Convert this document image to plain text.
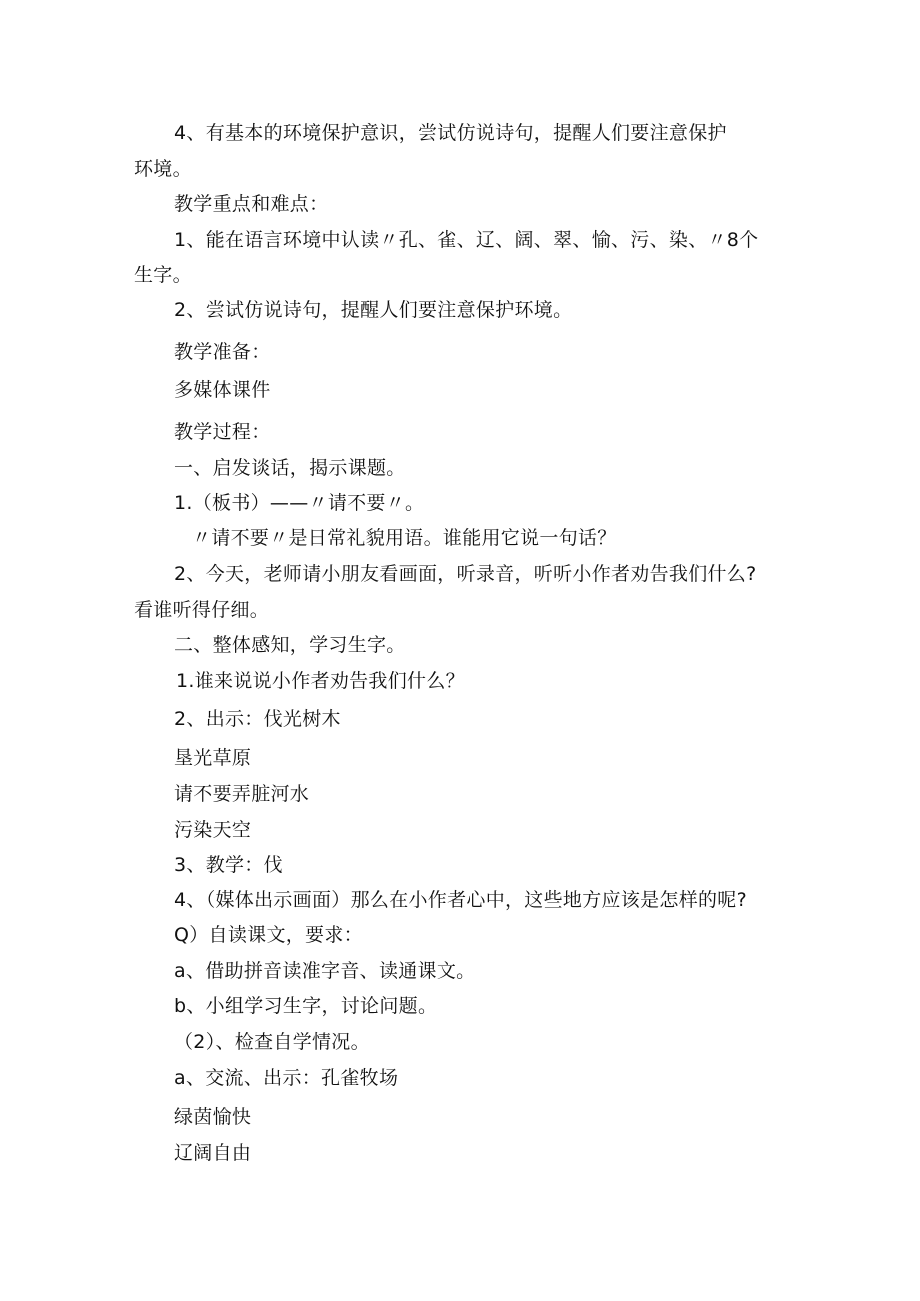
4、有基本的环境保护意识，尝试仿说诗句，提醒人们要注意保护

环境。

教学重点和难点：

1、能在语言环境中认读〃孔、雀、辽、阔、翠、愉、污、染、〃8个

生字。

2、尝试仿说诗句，提醒人们要注意保护环境。

教学准备：

多媒体课件

教学过程：

一、启发谈话，揭示课题。

1.（板书）——〃请不要〃。

〃请不要〃是日常礼貌用语。谁能用它说一句话？

2、今天，老师请小朋友看画面，听录音，听听小作者劝告我们什么?

看谁听得仔细。

二、整体感知，学习生字。

1.谁来说说小作者劝告我们什么？

2、出示：伐光树木

垦光草原

请不要弄脏河水

污染天空

3、教学：伐

4、（媒体出示画面）那么在小作者心中，这些地方应该是怎样的呢?

Q）自读课文，要求：

a、借助拼音读准字音、读通课文。

b、小组学习生字，讨论问题。

（2）、检查自学情况。

a、交流、出示：孔雀牧场

绿茵愉快

辽阔自由
